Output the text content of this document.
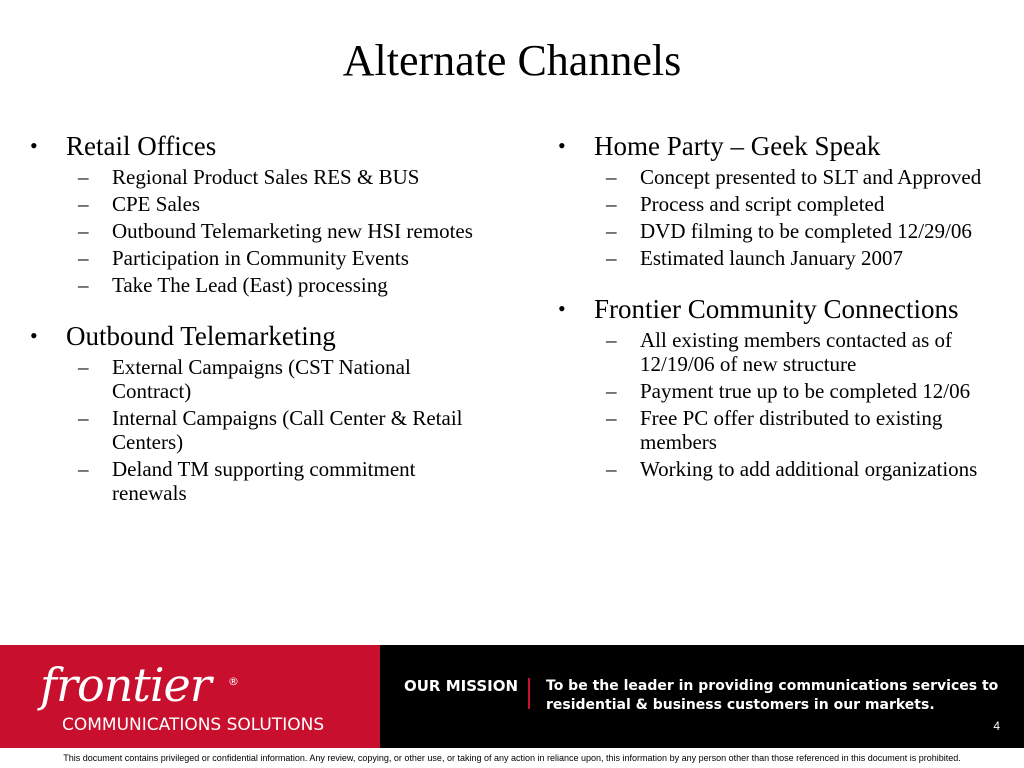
Alternate Channels
• Retail Offices
– Regional Product Sales RES & BUS
– CPE Sales
– Outbound Telemarketing new HSI remotes
– Participation in Community Events
– Take The Lead (East) processing
• Outbound Telemarketing
– External Campaigns (CST National Contract)
– Internal Campaigns (Call Center & Retail Centers)
– Deland TM supporting commitment renewals
• Home Party – Geek Speak
– Concept presented to SLT and Approved
– Process and script completed
– DVD filming to be completed 12/29/06
– Estimated launch January 2007
• Frontier Community Connections
– All existing members contacted as of 12/19/06 of new structure
– Payment true up to be completed 12/06
– Free PC offer distributed to existing members
– Working to add additional organizations
frontier ®
COMMUNICATIONS SOLUTIONS
OUR MISSION To be the leader in providing communications services to residential & business customers in our markets.
4
This document contains privileged or confidential information. Any review, copying, or other use, or taking of any action in reliance upon, this information by any person other than those referenced in this document is prohibited.
